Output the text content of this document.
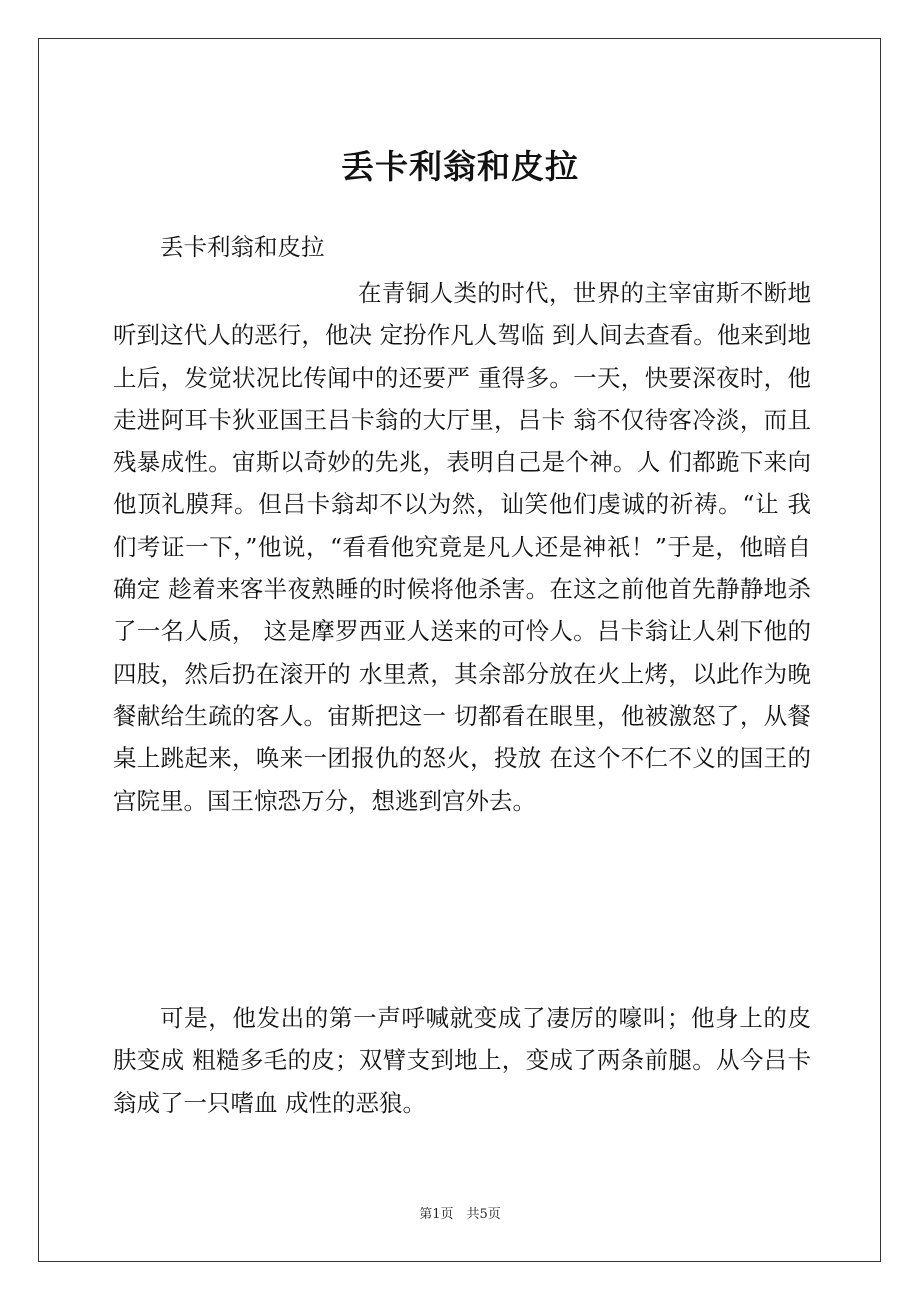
丢卡利翁和皮拉

丢卡利翁和皮拉

在青铜人类的时代，世界的主宰宙斯不断地听到这代人的恶行，他决 定扮作凡人驾临 到人间去查看。他来到地上后，发觉状况比传闻中的还要严 重得多。一天，快要深夜时，他走进阿耳卡狄亚国王吕卡翁的大厅里，吕卡 翁不仅待客冷淡，而且残暴成性。宙斯以奇妙的先兆，表明自己是个神。人 们都跪下来向他顶礼膜拜。但吕卡翁却不以为然，讪笑他们虔诚的祈祷。“让 我们考证一下，”他说，“看看他究竟是凡人还是神祇！”于是，他暗自确定 趁着来客半夜熟睡的时候将他杀害。在这之前他首先静静地杀了一名人质， 这是摩罗西亚人送来的可怜人。吕卡翁让人剁下他的四肢，然后扔在滚开的 水里煮，其余部分放在火上烤，以此作为晚餐献给生疏的客人。宙斯把这一 切都看在眼里，他被激怒了，从餐桌上跳起来，唤来一团报仇的怒火，投放 在这个不仁不义的国王的宫院里。国王惊恐万分，想逃到宫外去。

可是，他发出的第一声呼喊就变成了凄厉的嚎叫；他身上的皮肤变成 粗糙多毛的皮；双臂支到地上，变成了两条前腿。从今吕卡翁成了一只嗜血 成性的恶狼。

第1页　共5页
